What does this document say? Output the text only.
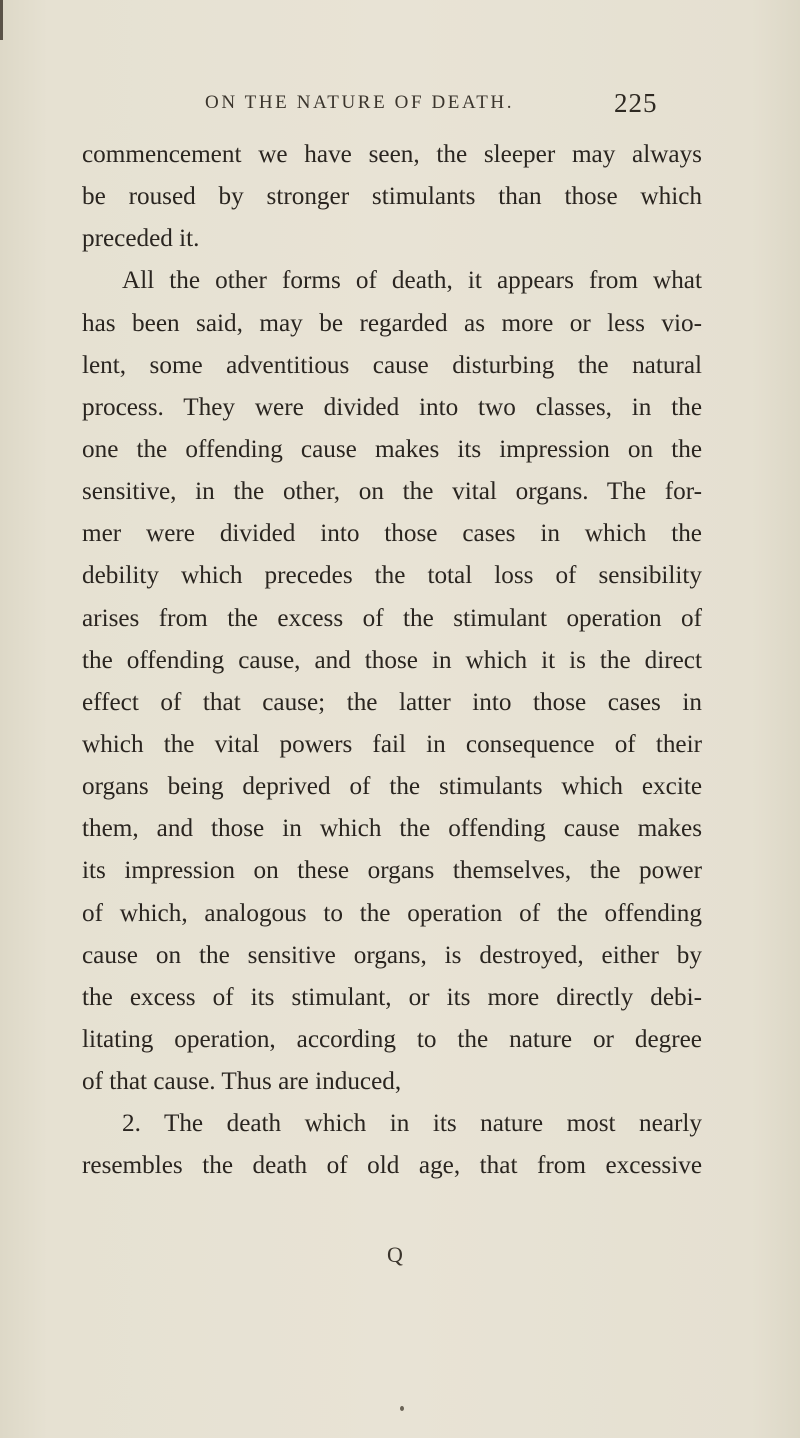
ON THE NATURE OF DEATH.	225
commencement we have seen, the sleeper may always
be roused by stronger stimulants than those which
preceded it.
All the other forms of death, it appears from what
has been said, may be regarded as more or less vio-
lent, some adventitious cause disturbing the natural
process. They were divided into two classes, in the
one the offending cause makes its impression on the
sensitive, in the other, on the vital organs. The for-
mer were divided into those cases in which the
debility which precedes the total loss of sensibility
arises from the excess of the stimulant operation of
the offending cause, and those in which it is the direct
effect of that cause; the latter into those cases in
which the vital powers fail in consequence of their
organs being deprived of the stimulants which excite
them, and those in which the offending cause makes
its impression on these organs themselves, the power
of which, analogous to the operation of the offending
cause on the sensitive organs, is destroyed, either by
the excess of its stimulant, or its more directly debi-
litating operation, according to the nature or degree
of that cause. Thus are induced,
2. The death which in its nature most nearly
resembles the death of old age, that from excessive
Q
